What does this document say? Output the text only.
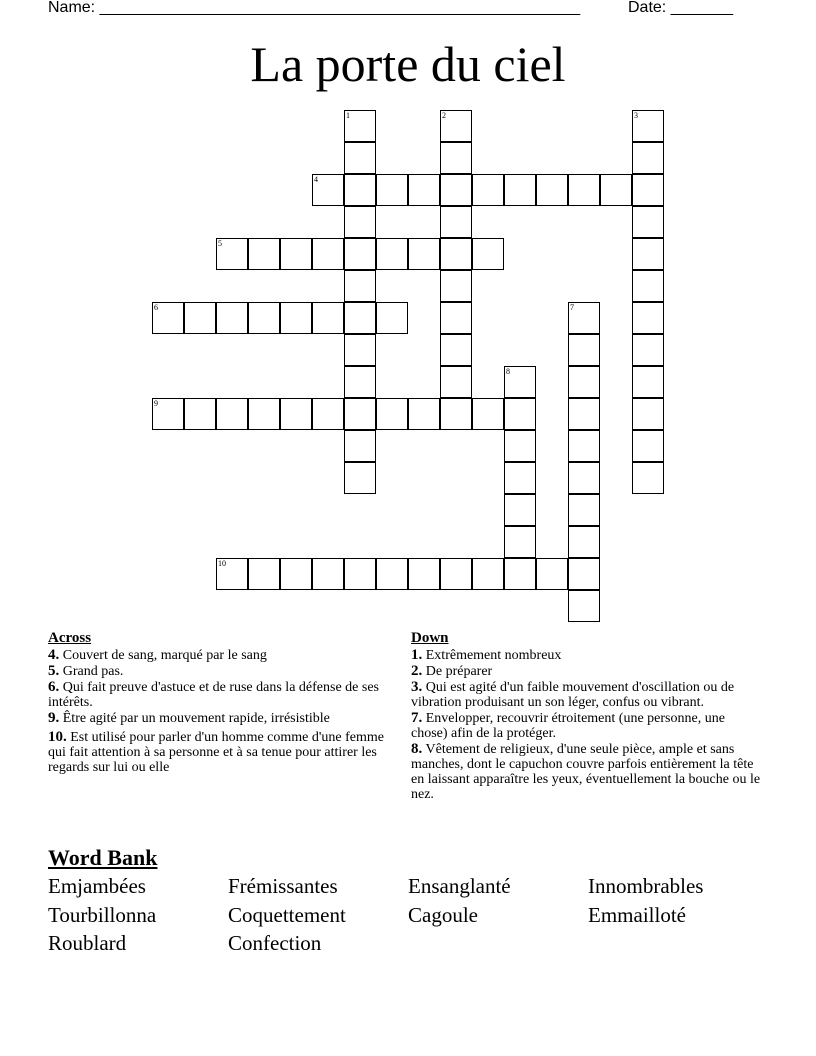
Name: ______________________________________________________	Date: _______
La porte du ciel
1	2	3
4
5
6	7
8
9
10
Across
4. Couvert de sang, marqué par le sang
5. Grand pas.
6. Qui fait preuve d'astuce et de ruse dans la défense de ses intérêts.
9. Être agité par un mouvement rapide, irrésistible
10. Est utilisé pour parler d'un homme comme d'une femme qui fait attention à sa personne et à sa tenue pour attirer les regards sur lui ou elle
Down
1. Extrêmement nombreux
2. De préparer
3. Qui est agité d'un faible mouvement d'oscillation ou de vibration produisant un son léger, confus ou vibrant.
7. Envelopper, recouvrir étroitement (une personne, une chose) afin de la protéger.
8. Vêtement de religieux, d'une seule pièce, ample et sans manches, dont le capuchon couvre parfois entièrement la tête en laissant apparaître les yeux, éventuellement la bouche ou le nez.
Word Bank
Emjambées	Frémissantes	Ensanglanté	Innombrables
Tourbillonna	Coquettement	Cagoule	Emmailloté
Roublard	Confection
